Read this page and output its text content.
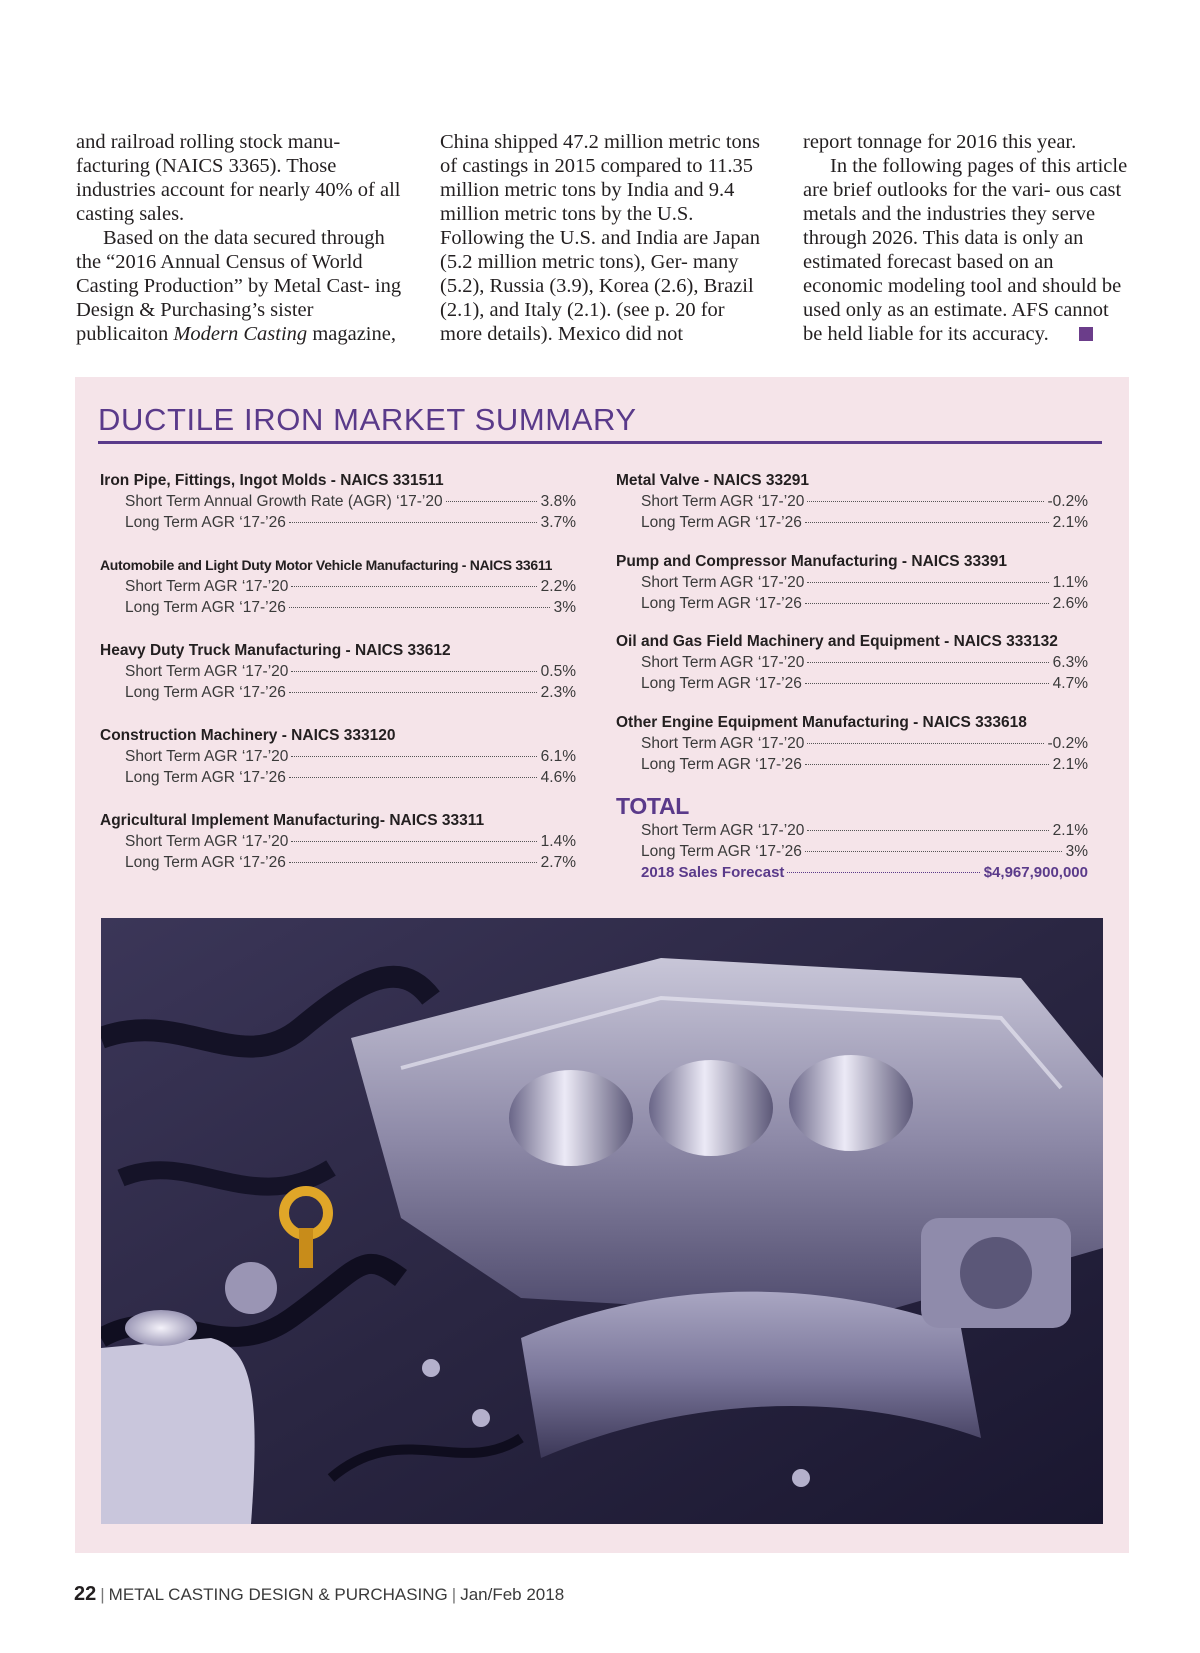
and railroad rolling stock manu- facturing (NAICS 3365). Those industries account for nearly 40% of all casting sales.

Based on the data secured through the “2016 Annual Census of World Casting Production” by Metal Cast- ing Design & Purchasing’s sister publicaiton Modern Casting magazine,

China shipped 47.2 million metric tons of castings in 2015 compared to 11.35 million metric tons by India and 9.4 million metric tons by the U.S. Following the U.S. and India are Japan (5.2 million metric tons), Ger- many (5.2), Russia (3.9), Korea (2.6), Brazil (2.1), and Italy (2.1). (see p. 20 for more details). Mexico did not

report tonnage for 2016 this year.

In the following pages of this article are brief outlooks for the vari- ous cast metals and the industries they serve through 2026. This data is only an estimated forecast based on an economic modeling tool and should be used only as an estimate. AFS cannot be held liable for its accuracy.

DUCTILE IRON MARKET SUMMARY
Iron Pipe, Fittings, Ingot Molds - NAICS 331511
Short Term Annual Growth Rate (AGR) ‘17-’20	3.8%
Long Term AGR ‘17-’26	3.7%
Automobile and Light Duty Motor Vehicle Manufacturing - NAICS 33611
Short Term AGR ‘17-’20	2.2%
Long Term AGR ‘17-’26	3%
Heavy Duty Truck Manufacturing - NAICS 33612
Short Term AGR ‘17-’20	0.5%
Long Term AGR ‘17-’26	2.3%
Construction Machinery - NAICS 333120
Short Term AGR ‘17-’20	6.1%
Long Term AGR ‘17-’26	4.6%
Agricultural Implement Manufacturing- NAICS 33311
Short Term AGR ‘17-’20	1.4%
Long Term AGR ‘17-’26	2.7%
Metal Valve - NAICS 33291
Short Term AGR ‘17-’20	-0.2%
Long Term AGR ‘17-’26	2.1%
Pump and Compressor Manufacturing - NAICS 33391
Short Term AGR ‘17-’20	1.1%
Long Term AGR ‘17-’26	2.6%
Oil and Gas Field Machinery and Equipment - NAICS 333132
Short Term AGR ‘17-’20	6.3%
Long Term AGR ‘17-’26	4.7%
Other Engine Equipment Manufacturing - NAICS 333618
Short Term AGR ‘17-’20	-0.2%
Long Term AGR ‘17-’26	2.1%
TOTAL
Short Term AGR ‘17-’20	2.1%
Long Term AGR ‘17-’26	3%
2018 Sales Forecast	$4,967,900,000
22 | METAL CASTING DESIGN & PURCHASING | Jan/Feb 2018
